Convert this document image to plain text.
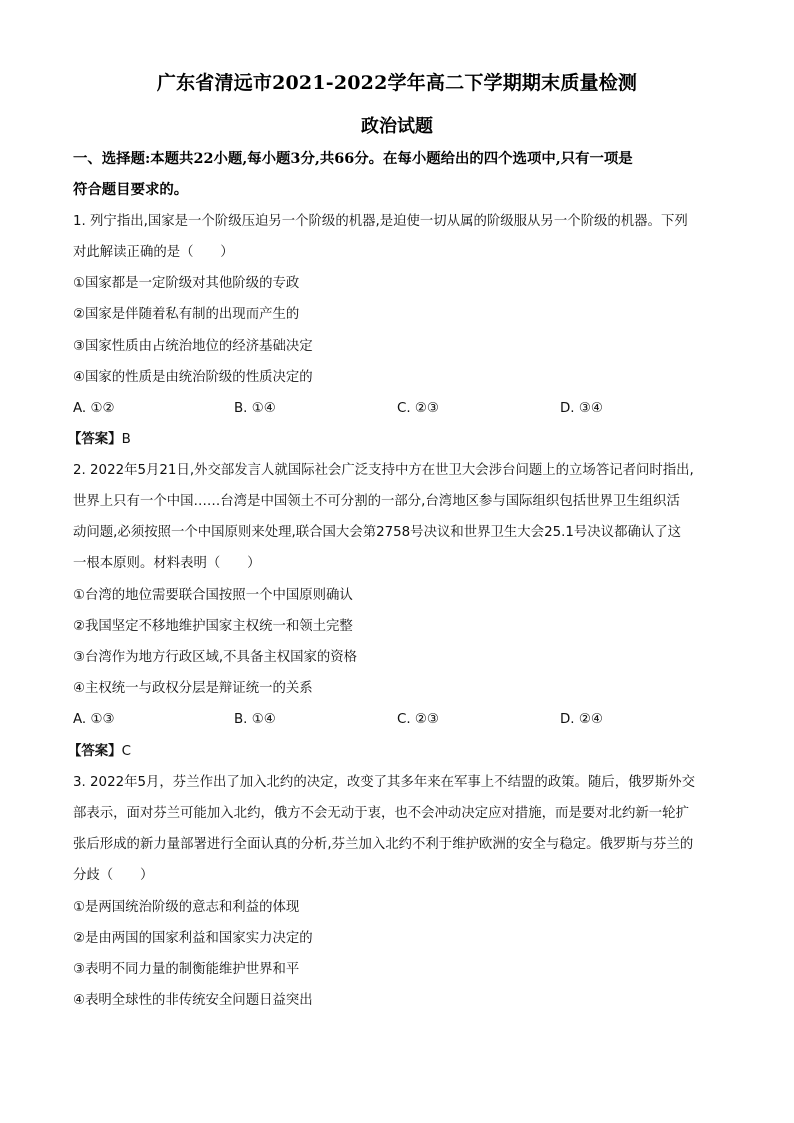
广东省清远市2021-2022学年高二下学期期末质量检测
政治试题
一、选择题:本题共22小题,每小题3分,共66分。在每小题给出的四个选项中,只有一项是
符合题目要求的。
1. 列宁指出,国家是一个阶级压迫另一个阶级的机器,是迫使一切从属的阶级服从另一个阶级的机器。下列
对此解读正确的是（　　）
①国家都是一定阶级对其他阶级的专政
②国家是伴随着私有制的出现而产生的
③国家性质由占统治地位的经济基础决定
④国家的性质是由统治阶级的性质决定的
A. ①②	B. ①④	C. ②③	D. ③④
【答案】B
2. 2022年5月21日,外交部发言人就国际社会广泛支持中方在世卫大会涉台问题上的立场答记者问时指出,
世界上只有一个中国……台湾是中国领土不可分割的一部分,台湾地区参与国际组织包括世界卫生组织活
动问题,必须按照一个中国原则来处理,联合国大会第2758号决议和世界卫生大会25.1号决议都确认了这
一根本原则。材料表明（　　）
①台湾的地位需要联合国按照一个中国原则确认
②我国坚定不移地维护国家主权统一和领土完整
③台湾作为地方行政区域,不具备主权国家的资格
④主权统一与政权分层是辩证统一的关系
A. ①③	B. ①④	C. ②③	D. ②④
【答案】C
3. 2022年5月，芬兰作出了加入北约的决定，改变了其多年来在军事上不结盟的政策。随后，俄罗斯外交
部表示，面对芬兰可能加入北约，俄方不会无动于衷，也不会冲动决定应对措施，而是要对北约新一轮扩
张后形成的新力量部署进行全面认真的分析,芬兰加入北约不利于维护欧洲的安全与稳定。俄罗斯与芬兰的
分歧（　　）
①是两国统治阶级的意志和利益的体现
②是由两国的国家利益和国家实力决定的
③表明不同力量的制衡能维护世界和平
④表明全球性的非传统安全问题日益突出
